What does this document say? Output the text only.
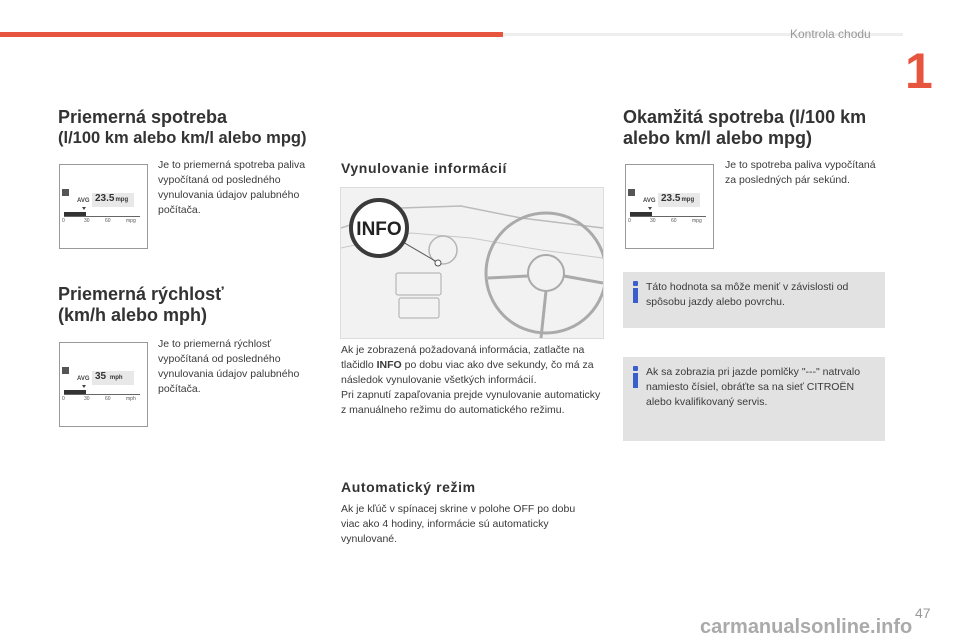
Kontrola chodu
1
Priemerná spotreba
(l/100 km alebo km/l alebo mpg)
AVG 23.5mpg
0	30	60	mpg
Je to priemerná spotreba paliva vypočítaná od posledného vynulovania údajov palubného počítača.
Priemerná rýchlosť
(km/h alebo mph)
AVG 35 mph
0	30	60	mph
Je to priemerná rýchlosť vypočítaná od posledného vynulovania údajov palubného počítača.
Vynulovanie informácií
INFO

Ak je zobrazená požadovaná informácia, zatlačte na tlačidlo INFO po dobu viac ako dve sekundy, čo má za následok vynulovanie všetkých informácií.

Pri zapnutí zapaľovania prejde vynulovanie automaticky z manuálneho režimu do automatického režimu.

Automatický režim
Ak je kľúč v spínacej skrine v polohe OFF po dobu viac ako 4 hodiny, informácie sú automaticky vynulované.
Okamžitá spotreba (l/100 km
alebo km/l alebo mpg)
AVG 23.5mpg
0	30	60	mpg
Je to spotreba paliva vypočítaná za posledných pár sekúnd.
Táto hodnota sa môže meniť v závislosti od spôsobu jazdy alebo povrchu.
Ak sa zobrazia pri jazde pomlčky "---" natrvalo namiesto čísiel, obráťte sa na sieť CITROËN alebo kvalifikovaný servis.
47
carmanualsonline.info
